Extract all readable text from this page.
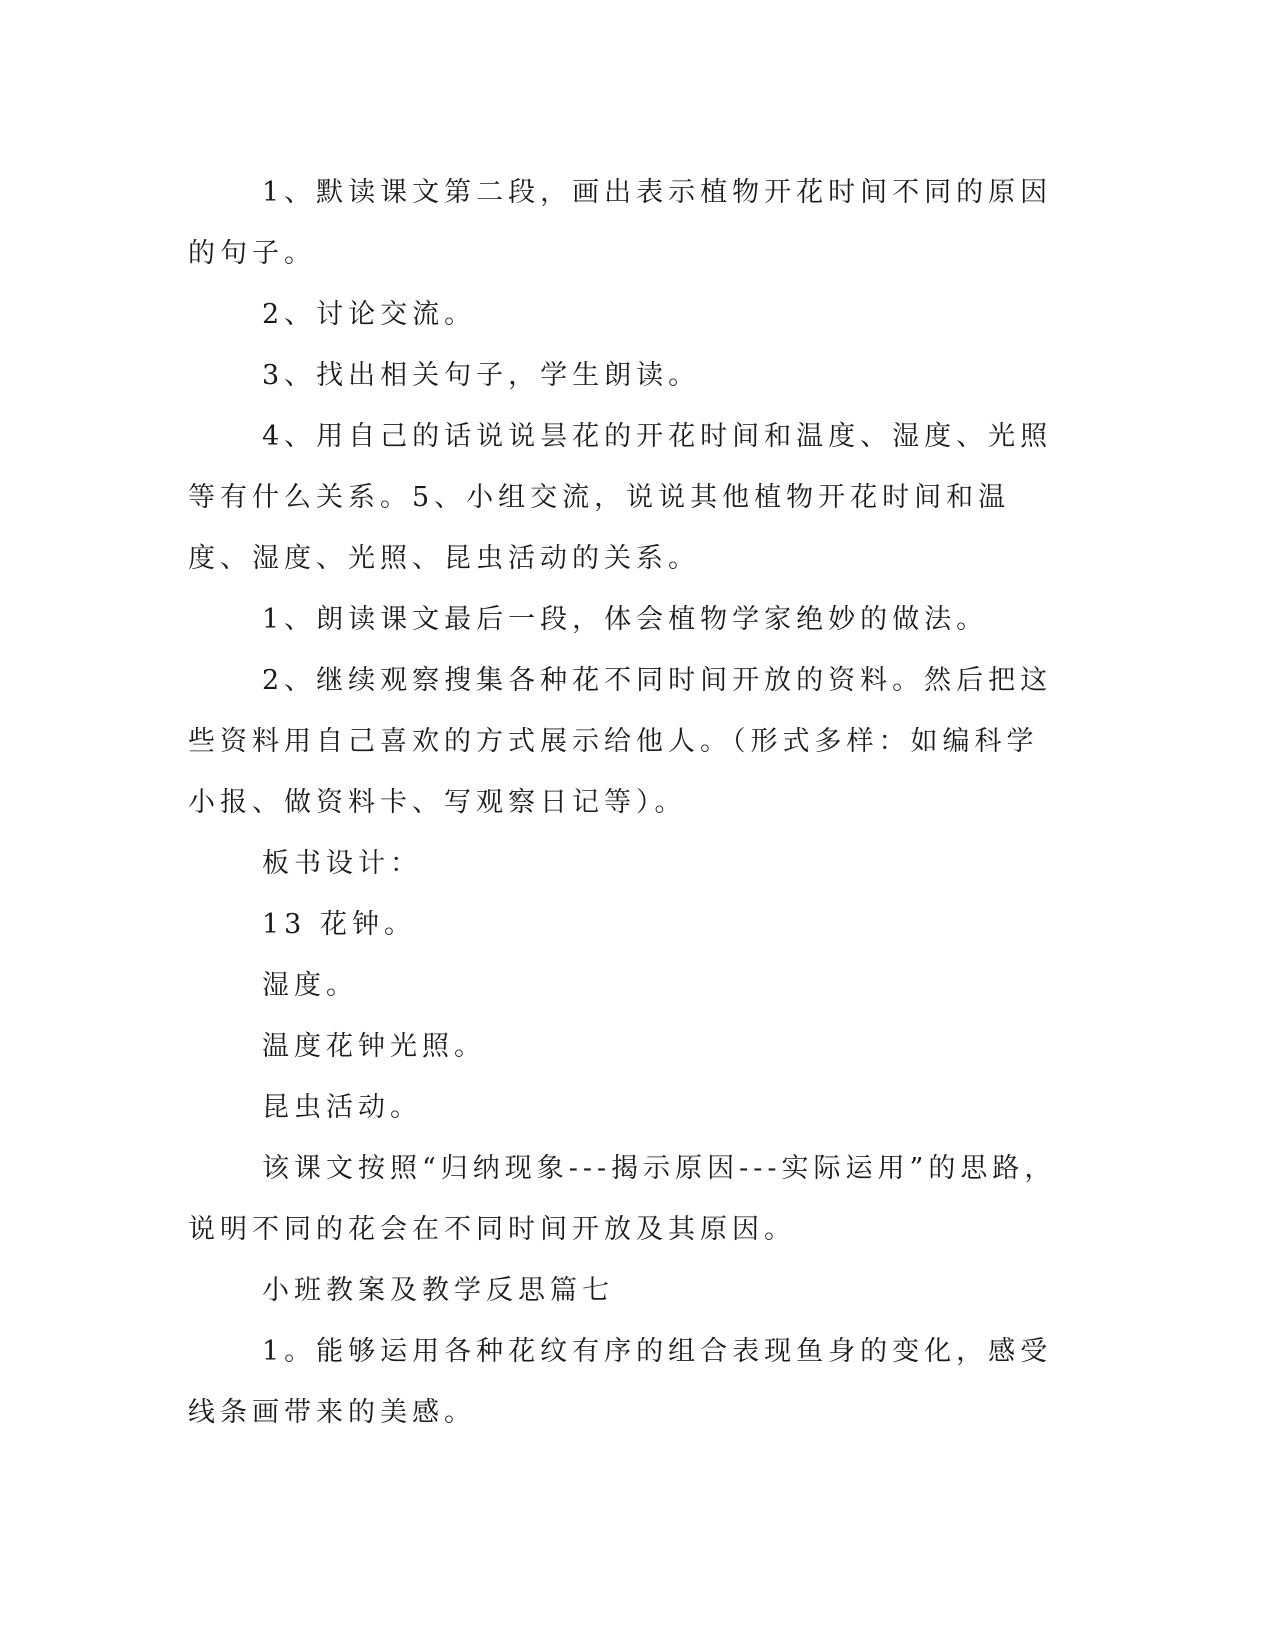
1、默读课文第二段，画出表示植物开花时间不同的原因的句子。

2、讨论交流。

3、找出相关句子，学生朗读。

4、用自己的话说说昙花的开花时间和温度、湿度、光照等有什么关系。5、小组交流，说说其他植物开花时间和温度、湿度、光照、昆虫活动的关系。

1、朗读课文最后一段，体会植物学家绝妙的做法。

2、继续观察搜集各种花不同时间开放的资料。然后把这些资料用自己喜欢的方式展示给他人。（形式多样：如编科学小报、做资料卡、写观察日记等）。

板书设计：

13 花钟。

湿度。

温度花钟光照。

昆虫活动。

该课文按照“归纳现象---揭示原因---实际运用”的思路，说明不同的花会在不同时间开放及其原因。

小班教案及教学反思篇七

1。能够运用各种花纹有序的组合表现鱼身的变化，感受线条画带来的美感。
